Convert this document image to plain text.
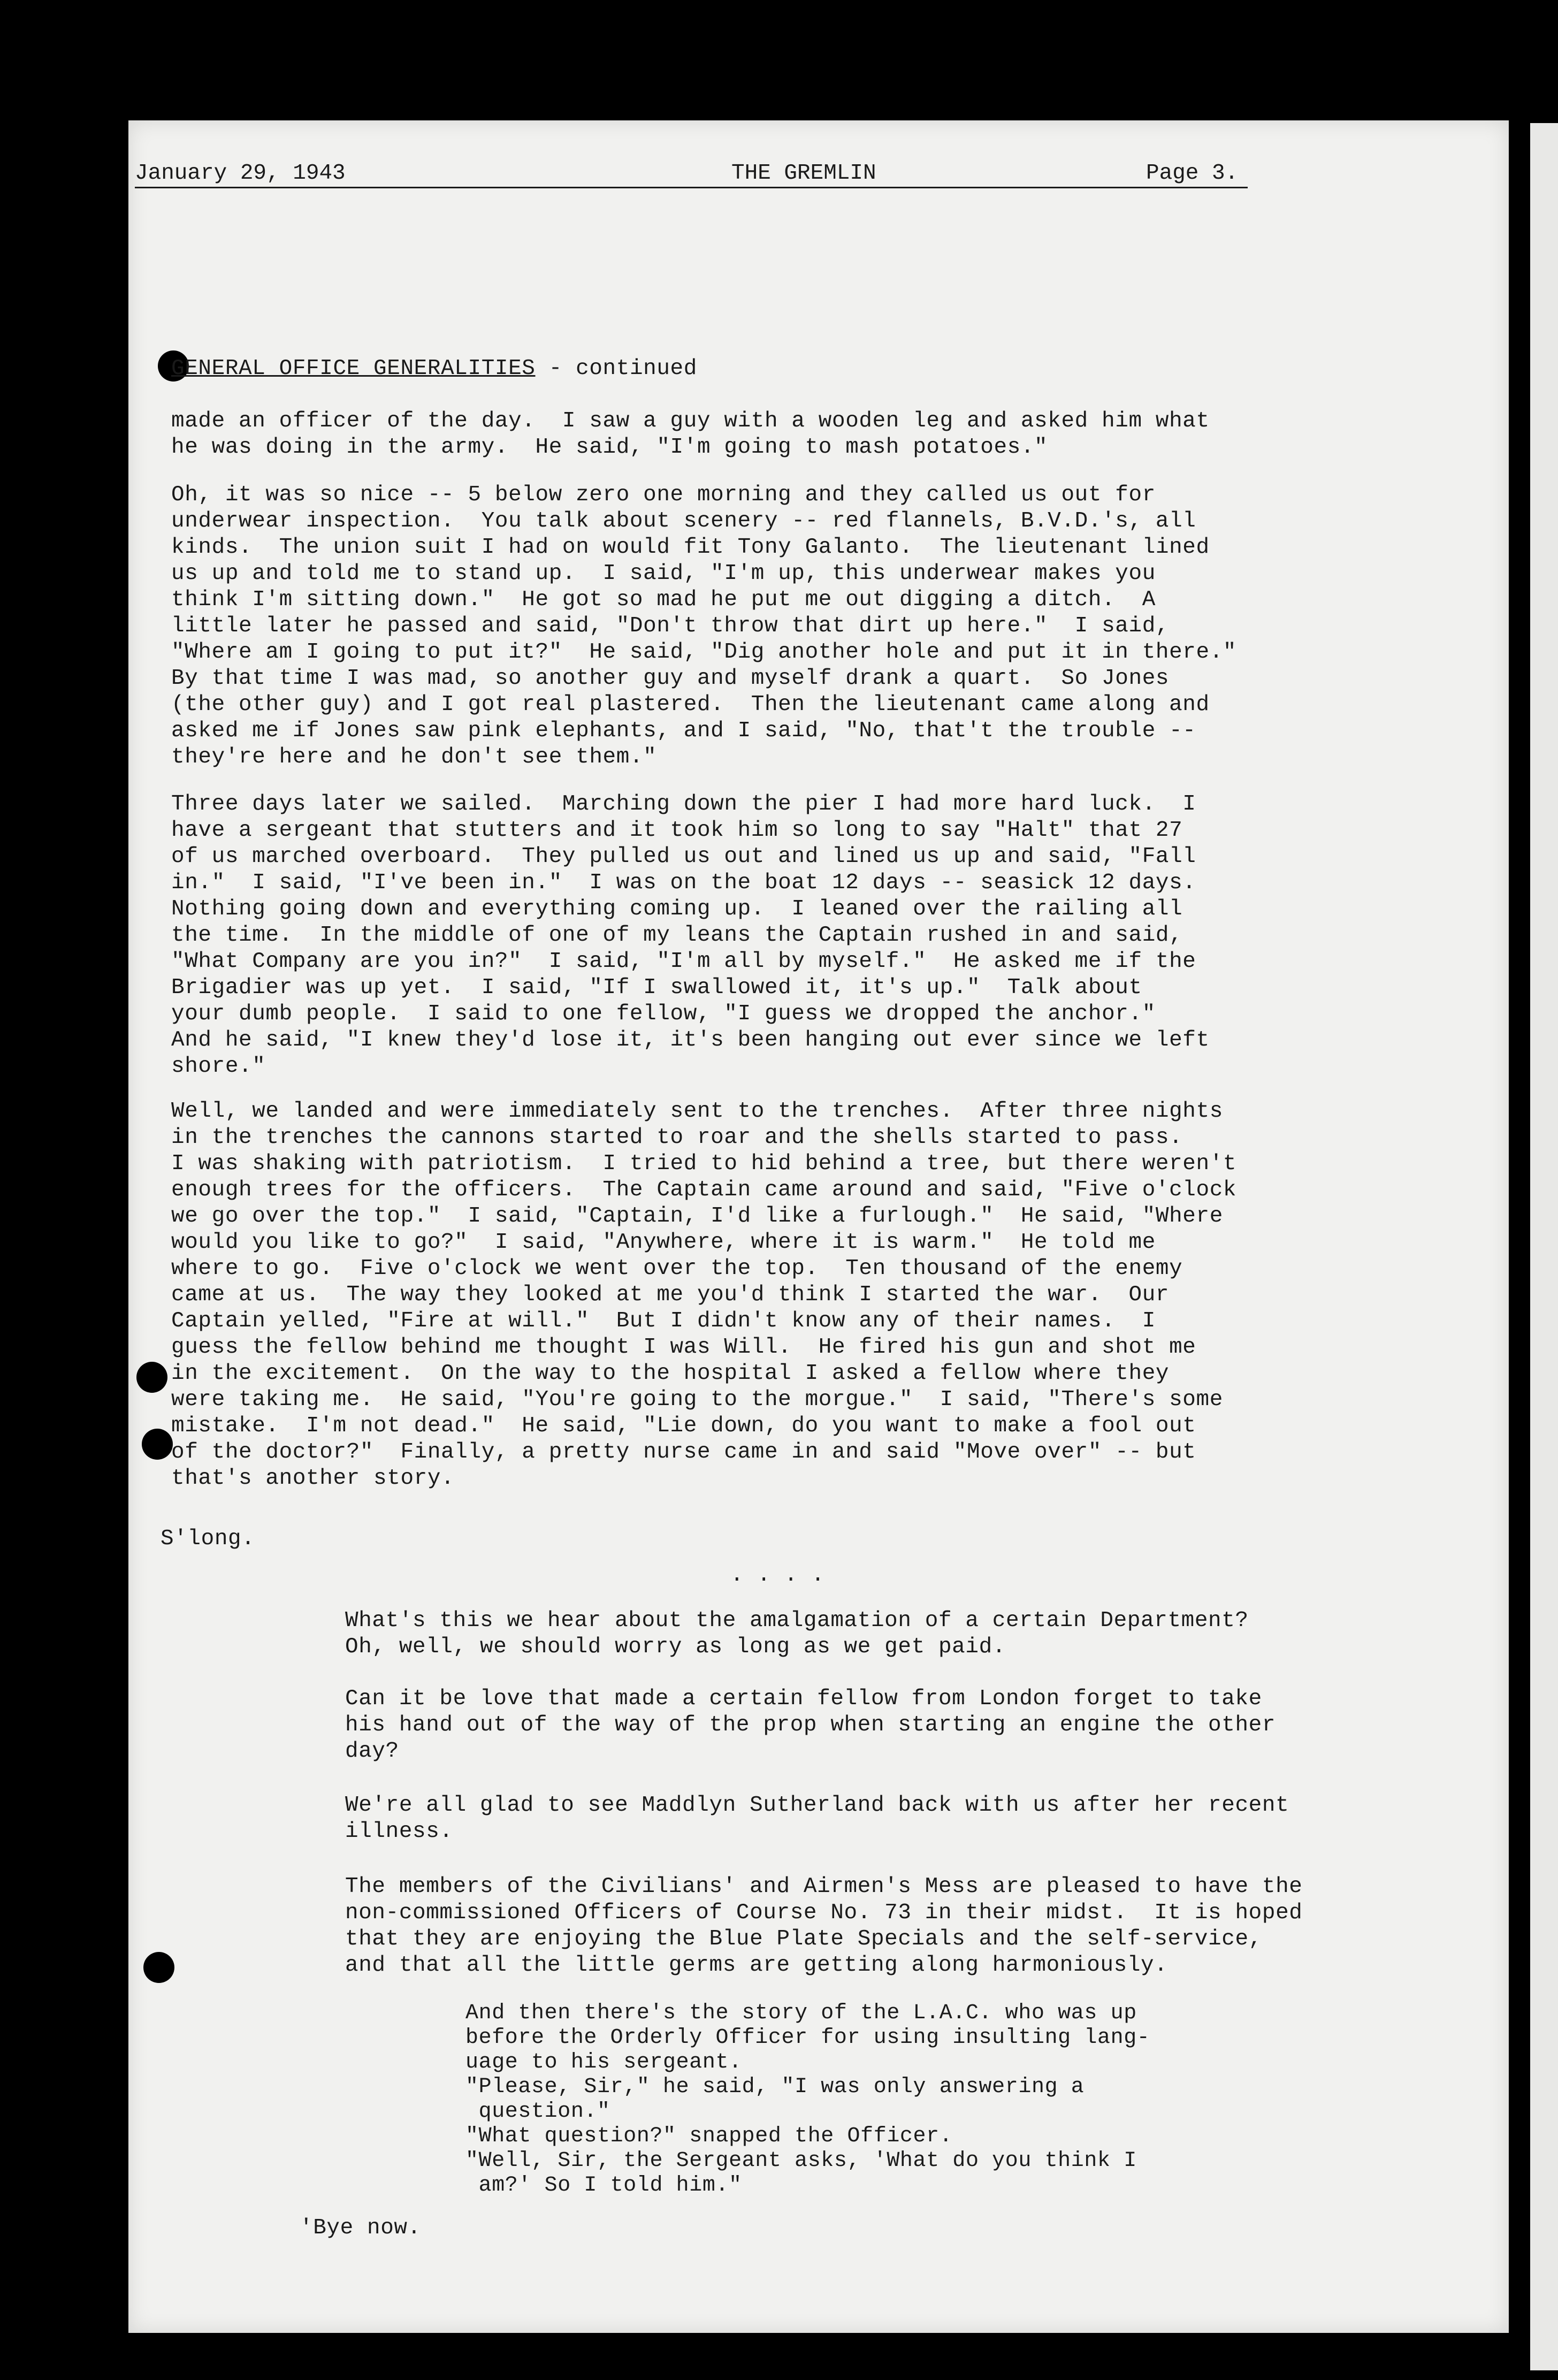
January 29, 1943	THE GREMLIN	Page 3.
GENERAL OFFICE GENERALITIES - continued

made an officer of the day.  I saw a guy with a wooden leg and asked him what
he was doing in the army.  He said, "I'm going to mash potatoes."

Oh, it was so nice -- 5 below zero one morning and they called us out for
underwear inspection.  You talk about scenery -- red flannels, B.V.D.'s, all
kinds.  The union suit I had on would fit Tony Galanto.  The lieutenant lined
us up and told me to stand up.  I said, "I'm up, this underwear makes you
think I'm sitting down."  He got so mad he put me out digging a ditch.  A
little later he passed and said, "Don't throw that dirt up here."  I said,
"Where am I going to put it?"  He said, "Dig another hole and put it in there."
By that time I was mad, so another guy and myself drank a quart.  So Jones
(the other guy) and I got real plastered.  Then the lieutenant came along and
asked me if Jones saw pink elephants, and I said, "No, that't the trouble --
they're here and he don't see them."

Three days later we sailed.  Marching down the pier I had more hard luck.  I
have a sergeant that stutters and it took him so long to say "Halt" that 27
of us marched overboard.  They pulled us out and lined us up and said, "Fall
in."  I said, "I've been in."  I was on the boat 12 days -- seasick 12 days.
Nothing going down and everything coming up.  I leaned over the railing all
the time.  In the middle of one of my leans the Captain rushed in and said,
"What Company are you in?"  I said, "I'm all by myself."  He asked me if the
Brigadier was up yet.  I said, "If I swallowed it, it's up."  Talk about
your dumb people.  I said to one fellow, "I guess we dropped the anchor."
And he said, "I knew they'd lose it, it's been hanging out ever since we left
shore."

Well, we landed and were immediately sent to the trenches.  After three nights
in the trenches the cannons started to roar and the shells started to pass.
I was shaking with patriotism.  I tried to hid behind a tree, but there weren't
enough trees for the officers.  The Captain came around and said, "Five o'clock
we go over the top."  I said, "Captain, I'd like a furlough."  He said, "Where
would you like to go?"  I said, "Anywhere, where it is warm."  He told me
where to go.  Five o'clock we went over the top.  Ten thousand of the enemy
came at us.  The way they looked at me you'd think I started the war.  Our
Captain yelled, "Fire at will."  But I didn't know any of their names.  I
guess the fellow behind me thought I was Will.  He fired his gun and shot me
in the excitement.  On the way to the hospital I asked a fellow where they
were taking me.  He said, "You're going to the morgue."  I said, "There's some
mistake.  I'm not dead."  He said, "Lie down, do you want to make a fool out
of the doctor?"  Finally, a pretty nurse came in and said "Move over" -- but
that's another story.

S'long.
. . . .

What's this we hear about the amalgamation of a certain Department?
Oh, well, we should worry as long as we get paid.

Can it be love that made a certain fellow from London forget to take
his hand out of the way of the prop when starting an engine the other
day?

We're all glad to see Maddlyn Sutherland back with us after her recent
illness.

The members of the Civilians' and Airmen's Mess are pleased to have the
non-commissioned Officers of Course No. 73 in their midst.  It is hoped
that they are enjoying the Blue Plate Specials and the self-service,
and that all the little germs are getting along harmoniously.

And then there's the story of the L.A.C. who was up
before the Orderly Officer for using insulting lang-
uage to his sergeant.
"Please, Sir," he said, "I was only answering a
question."
"What question?" snapped the Officer.
"Well, Sir, the Sergeant asks, 'What do you think I
am?' So I told him."
'Bye now.
